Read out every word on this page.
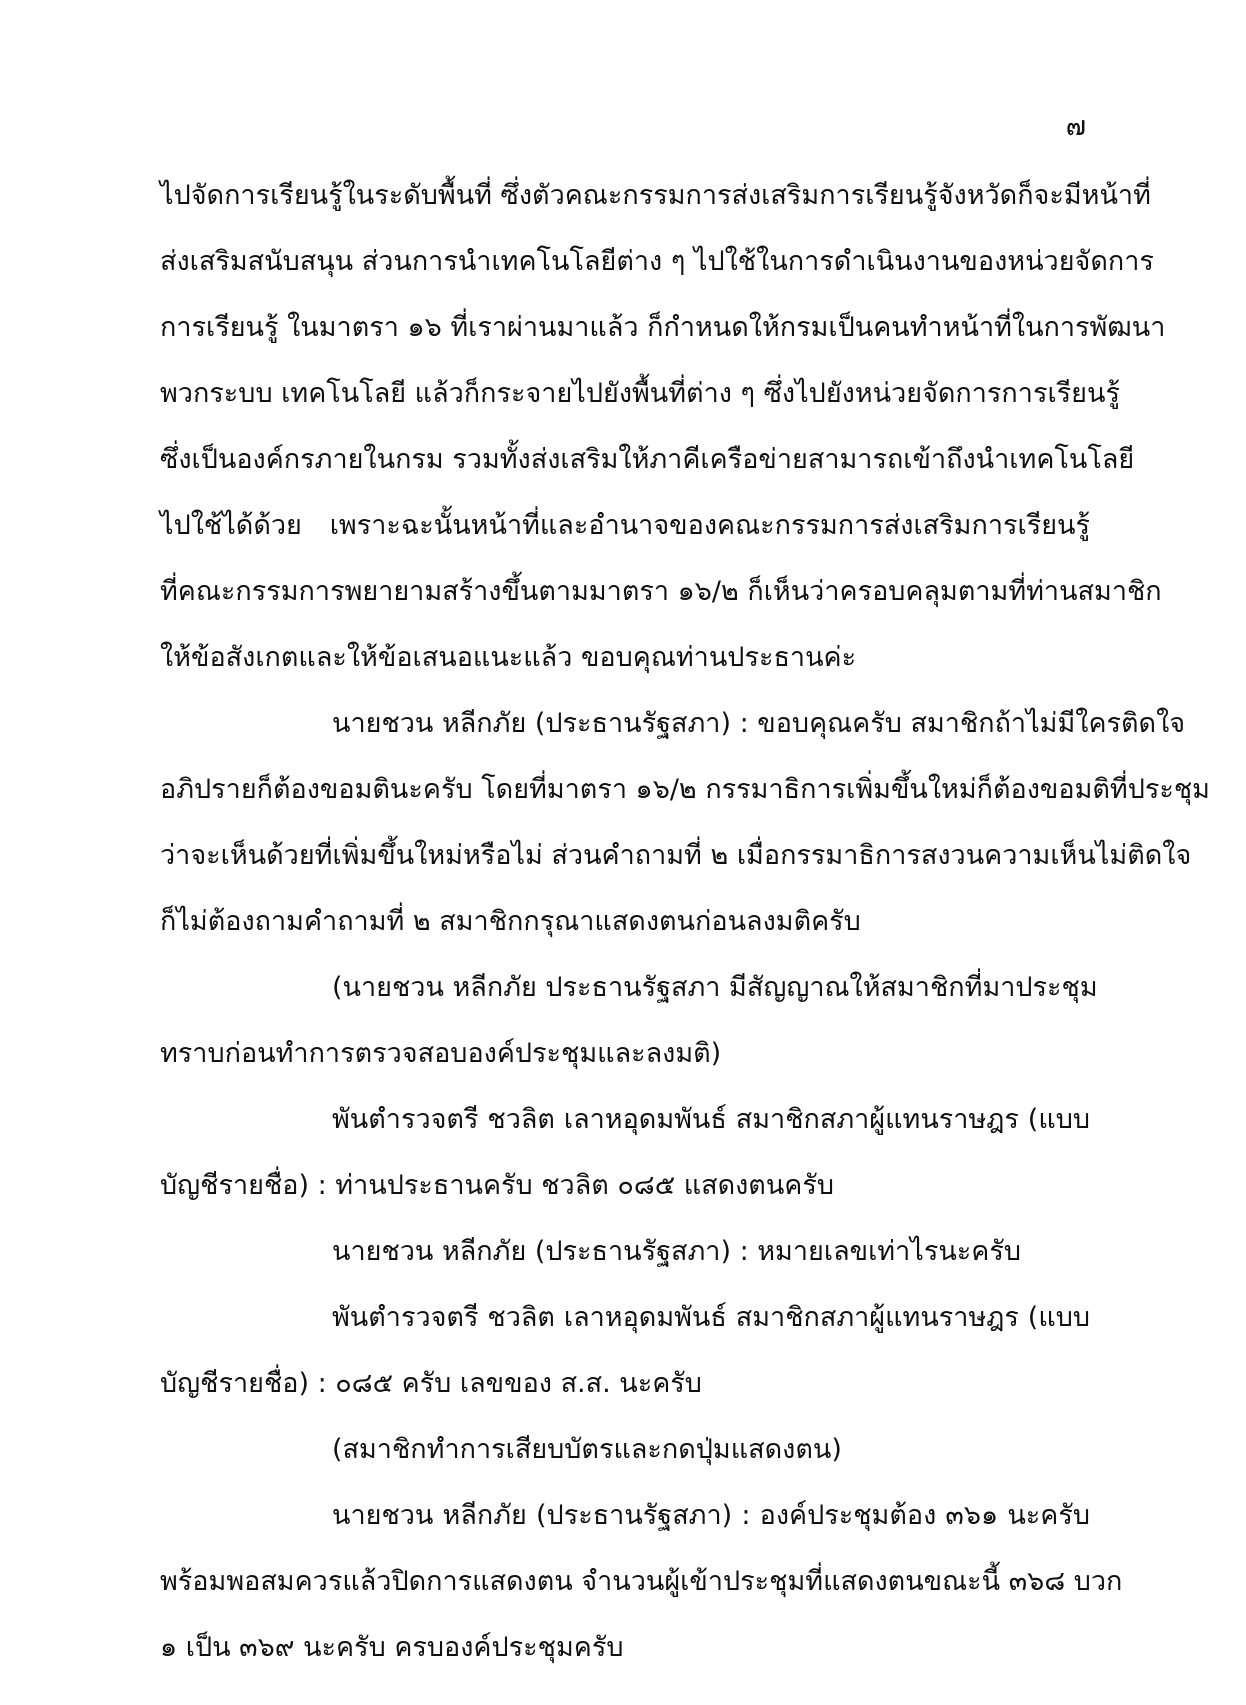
๗
ไปจัดการเรียนรู้ในระดับพื้นที่ ซึ่งตัวคณะกรรมการส่งเสริมการเรียนรู้จังหวัดก็จะมีหน้าที่
ส่งเสริมสนับสนุน ส่วนการนำเทคโนโลยีต่าง ๆ ไปใช้ในการดำเนินงานของหน่วยจัดการ
การเรียนรู้ ในมาตรา ๑๖ ที่เราผ่านมาแล้ว ก็กำหนดให้กรมเป็นคนทำหน้าที่ในการพัฒนา
พวกระบบ เทคโนโลยี แล้วก็กระจายไปยังพื้นที่ต่าง ๆ ซึ่งไปยังหน่วยจัดการการเรียนรู้
ซึ่งเป็นองค์กรภายในกรม รวมทั้งส่งเสริมให้ภาคีเครือข่ายสามารถเข้าถึงนำเทคโนโลยี
ไปใช้ได้ด้วย เพราะฉะนั้นหน้าที่และอำนาจของคณะกรรมการส่งเสริมการเรียนรู้
ที่คณะกรรมการพยายามสร้างขึ้นตามมาตรา ๑๖/๒ ก็เห็นว่าครอบคลุมตามที่ท่านสมาชิก
ให้ข้อสังเกตและให้ข้อเสนอแนะแล้ว ขอบคุณท่านประธานค่ะ
นายชวน หลีกภัย (ประธานรัฐสภา) : ขอบคุณครับ สมาชิกถ้าไม่มีใครติดใจ
อภิปรายก็ต้องขอมตินะครับ โดยที่มาตรา ๑๖/๒ กรรมาธิการเพิ่มขึ้นใหม่ก็ต้องขอมติที่ประชุม
ว่าจะเห็นด้วยที่เพิ่มขึ้นใหม่หรือไม่ ส่วนคำถามที่ ๒ เมื่อกรรมาธิการสงวนความเห็นไม่ติดใจ
ก็ไม่ต้องถามคำถามที่ ๒ สมาชิกกรุณาแสดงตนก่อนลงมติครับ
(นายชวน หลีกภัย ประธานรัฐสภา มีสัญญาณให้สมาชิกที่มาประชุม
ทราบก่อนทำการตรวจสอบองค์ประชุมและลงมติ)
พันตำรวจตรี ชวลิต เลาหอุดมพันธ์ สมาชิกสภาผู้แทนราษฎร (แบบ
บัญชีรายชื่อ) : ท่านประธานครับ ชวลิต ๐๘๕ แสดงตนครับ
นายชวน หลีกภัย (ประธานรัฐสภา) : หมายเลขเท่าไรนะครับ
พันตำรวจตรี ชวลิต เลาหอุดมพันธ์ สมาชิกสภาผู้แทนราษฎร (แบบ
บัญชีรายชื่อ) : ๐๘๕ ครับ เลขของ ส.ส. นะครับ
(สมาชิกทำการเสียบบัตรและกดปุ่มแสดงตน)
นายชวน หลีกภัย (ประธานรัฐสภา) : องค์ประชุมต้อง ๓๖๑ นะครับ
พร้อมพอสมควรแล้วปิดการแสดงตน จำนวนผู้เข้าประชุมที่แสดงตนขณะนี้ ๓๖๘ บวก
๑ เป็น ๓๖๙ นะครับ ครบองค์ประชุมครับ
